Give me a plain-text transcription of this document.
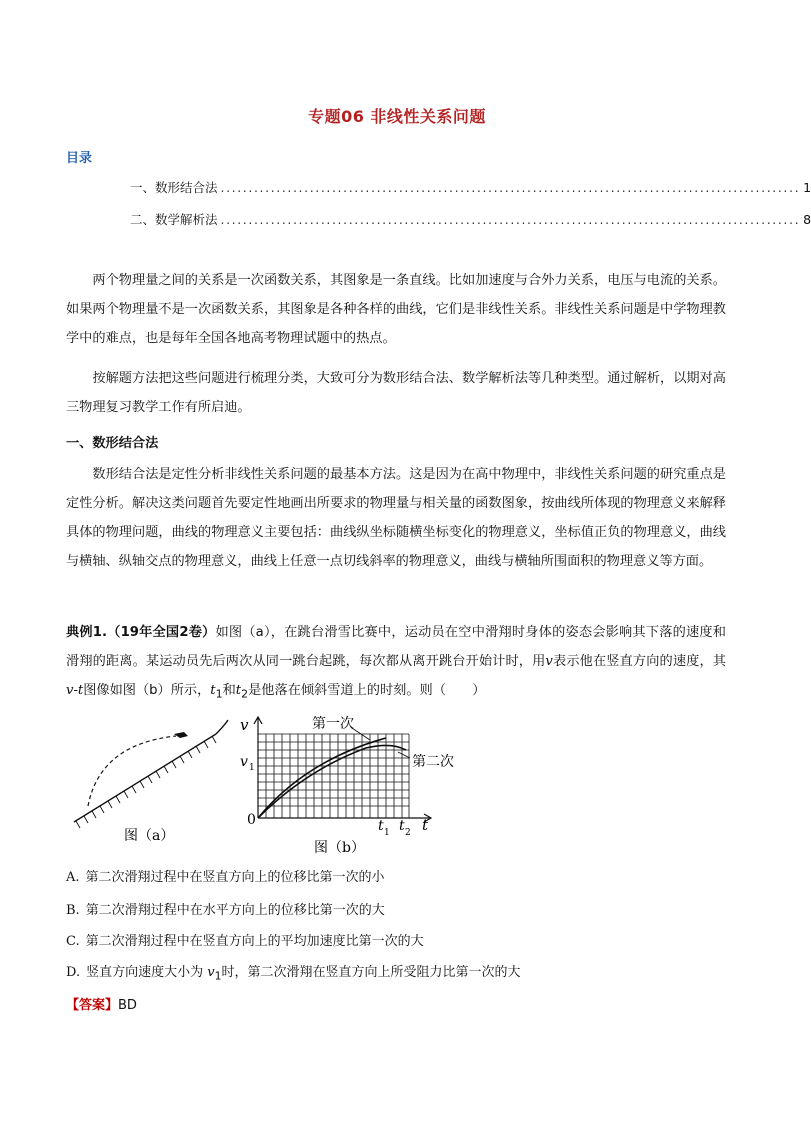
专题06 非线性关系问题
目录
一、数形结合法 ........................................................................................................ 1
二、数学解析法 ........................................................................................................ 8
两个物理量之间的关系是一次函数关系，其图象是一条直线。比如加速度与合外力关系，电压与电流的关系。如果两个物理量不是一次函数关系，其图象是各种各样的曲线，它们是非线性关系。非线性关系问题是中学物理教学中的难点，也是每年全国各地高考物理试题中的热点。
按解题方法把这些问题进行梳理分类，大致可分为数形结合法、数学解析法等几种类型。通过解析，以期对高三物理复习教学工作有所启迪。
一、数形结合法
数形结合法是定性分析非线性关系问题的最基本方法。这是因为在高中物理中，非线性关系问题的研究重点是定性分析。解决这类问题首先要定性地画出所要求的物理量与相关量的函数图象，按曲线所体现的物理意义来解释具体的物理问题，曲线的物理意义主要包括：曲线纵坐标随横坐标变化的物理意义，坐标值正负的物理意义，曲线与横轴、纵轴交点的物理意义，曲线上任意一点切线斜率的物理意义，曲线与横轴所围面积的物理意义等方面。
典例1.（19年全国2卷）如图（a），在跳台滑雪比赛中，运动员在空中滑翔时身体的姿态会影响其下落的速度和滑翔的距离。某运动员先后两次从同一跳台起跳，每次都从离开跳台开始计时，用v表示他在竖直方向的速度，其v-t图像如图（b）所示，$t_1$和$t_2$是他落在倾斜雪道上的时刻。则（　　）
图（a）
v
v 1
0	t
t 1 t 2
第一次
第二次
图（b）
A. 第二次滑翔过程中在竖直方向上的位移比第一次的小
B. 第二次滑翔过程中在水平方向上的位移比第一次的大
C. 第二次滑翔过程中在竖直方向上的平均加速度比第一次的大
D. 竖直方向速度大小为 $v_1$时，第二次滑翔在竖直方向上所受阻力比第一次的大
【答案】BD
